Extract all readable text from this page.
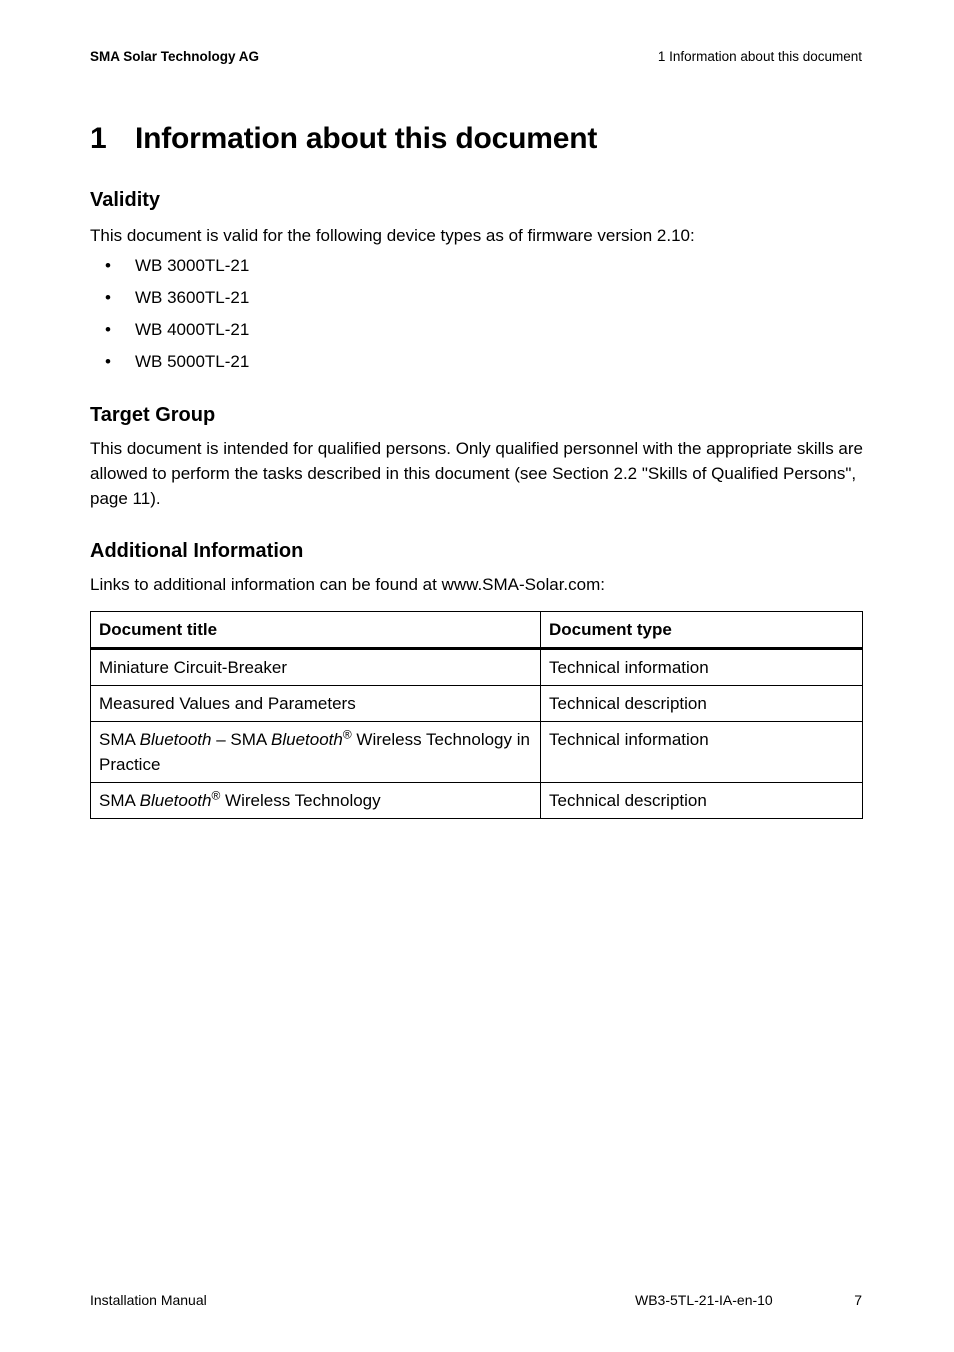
SMA Solar Technology AG	1 Information about this document
1 Information about this document
Validity

This document is valid for the following device types as of firmware version 2.10:

• WB 3000TL-21
• WB 3600TL-21
• WB 4000TL-21
• WB 5000TL-21
Target Group

This document is intended for qualified persons. Only qualified personnel with the appropriate skills are allowed to perform the tasks described in this document (see Section 2.2 "Skills of Qualified Persons", page 11).

Additional Information

Links to additional information can be found at www.SMA-Solar.com:

Document title	Document type
Miniature Circuit-Breaker	Technical information
Measured Values and Parameters	Technical description
SMA Bluetooth – SMA Bluetooth® Wireless Technology in Practice	Technical information
SMA Bluetooth® Wireless Technology	Technical description
Installation Manual	WB3-5TL-21-IA-en-10	7
